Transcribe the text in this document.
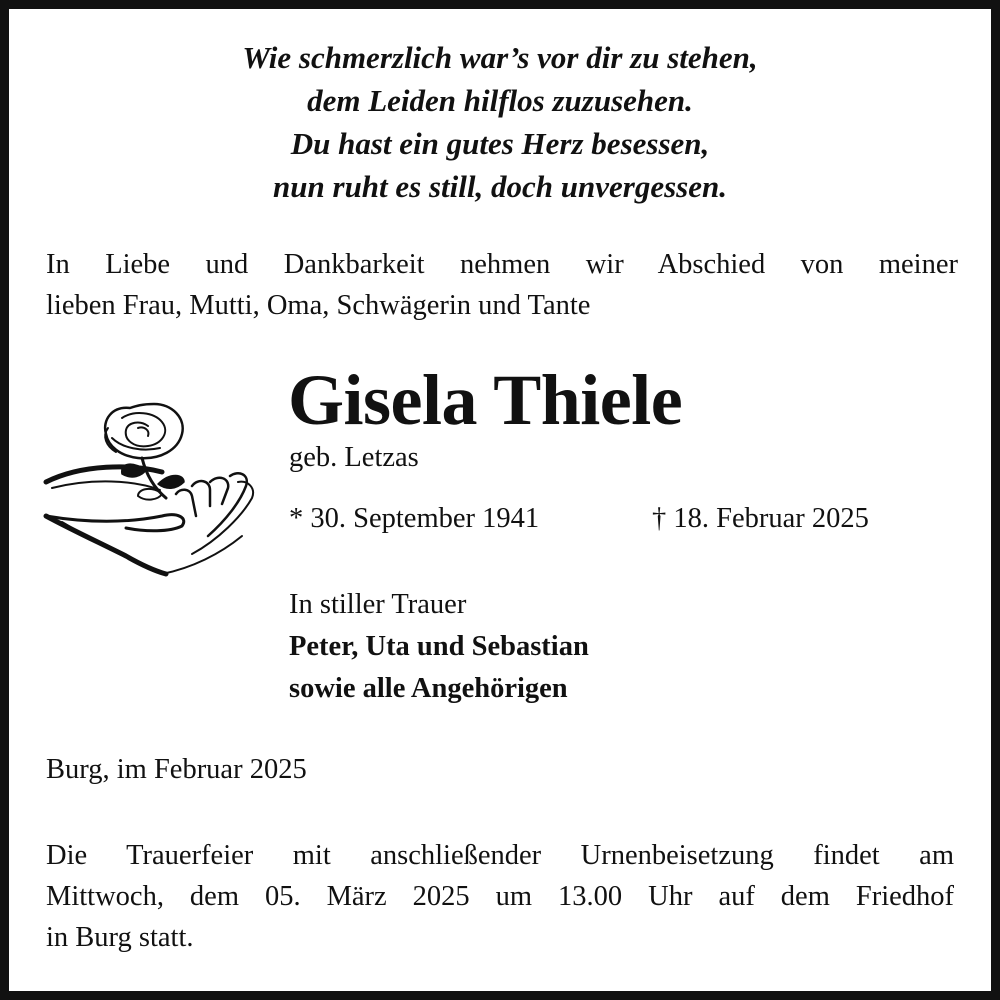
Wie schmerzlich war’s vor dir zu stehen,
dem Leiden hilflos zuzusehen.
Du hast ein gutes Herz besessen,
nun ruht es still, doch unvergessen.
In Liebe und Dankbarkeit nehmen wir Abschied von meiner
lieben Frau, Mutti, Oma, Schwägerin und Tante
Gisela Thiele
geb. Letzas
* 30. September 1941	† 18. Februar 2025
In stiller Trauer
Peter, Uta und Sebastian
sowie alle Angehörigen
Burg, im Februar 2025
Die Trauerfeier mit anschließender Urnenbeisetzung findet am
Mittwoch, dem 05. März 2025 um 13.00 Uhr auf dem Friedhof
in Burg statt.
